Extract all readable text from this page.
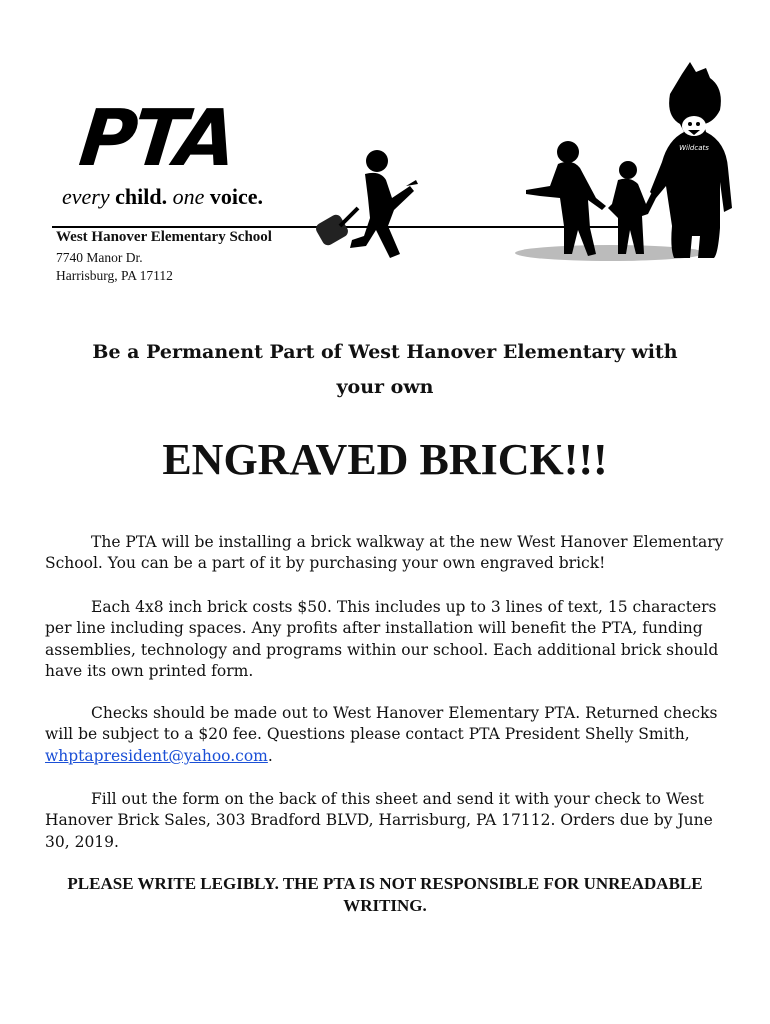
PTA
every child. one voice.
West Hanover Elementary School
7740 Manor Dr.
Harrisburg, PA 17112
Wildcats
Be a Permanent Part of West Hanover Elementary with
your own
ENGRAVED BRICK!!!
The PTA will be installing a brick walkway at the new West Hanover Elementary School. You can be a part of it by purchasing your own engraved brick!
Each 4x8 inch brick costs $50. This includes up to 3 lines of text, 15 characters per line including spaces. Any profits after installation will benefit the PTA, funding assemblies, technology and programs within our school. Each additional brick should have its own printed form.
Checks should be made out to West Hanover Elementary PTA. Returned checks will be subject to a $20 fee. Questions please contact PTA President Shelly Smith, whptapresident@yahoo.com.
Fill out the form on the back of this sheet and send it with your check to West Hanover Brick Sales, 303 Bradford BLVD, Harrisburg, PA 17112. Orders due by June 30, 2019.
PLEASE WRITE LEGIBLY. THE PTA IS NOT RESPONSIBLE FOR UNREADABLE WRITING.
